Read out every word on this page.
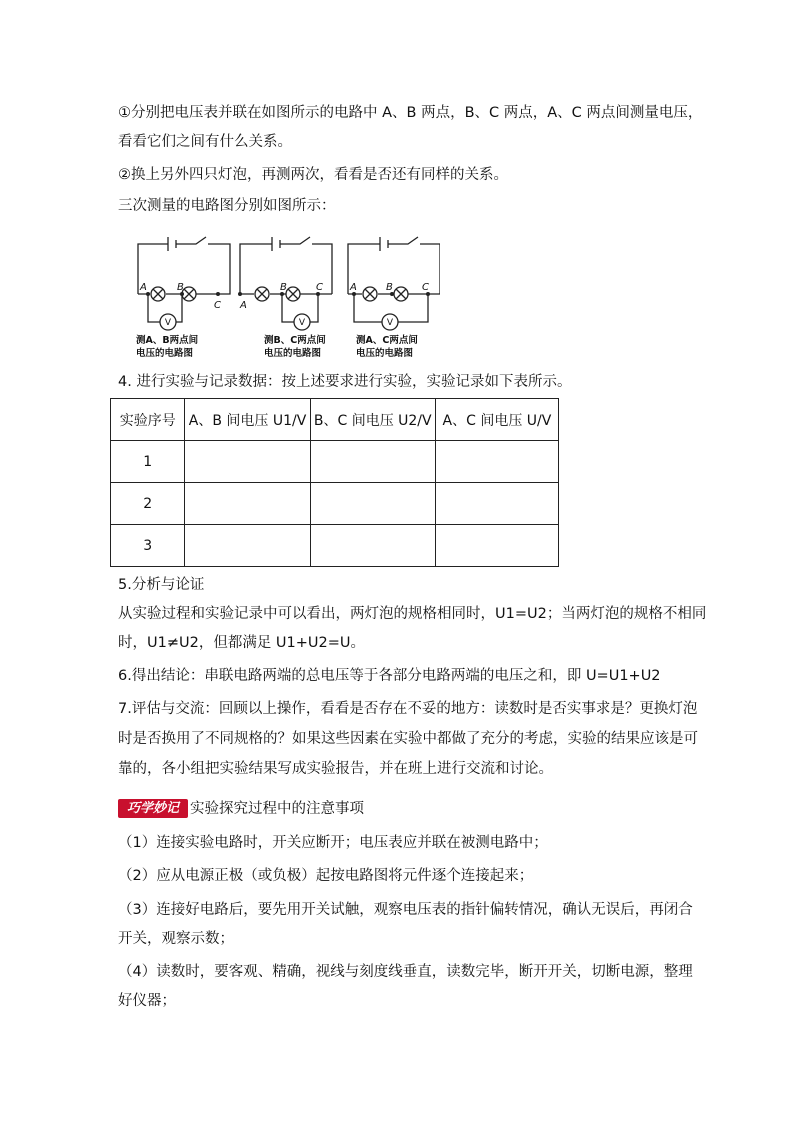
①分别把电压表并联在如图所示的电路中 A、B 两点，B、C 两点，A、C 两点间测量电压，
看看它们之间有什么关系。
②换上另外四只灯泡，再测两次，看看是否还有同样的关系。
三次测量的电路图分别如图所示：
A	B
C A
B	C	A	B	C
V	V	V
测A、B两点间
电压的电路图
测B、C两点间
电压的电路图
测A、C两点间
电压的电路图
4. 进行实验与记录数据：按上述要求进行实验，实验记录如下表所示。
实验序号	A、B 间电压 U1/V	B、C 间电压 U2/V	A、C 间电压 U/V
1			
2			
3			
5.分析与论证
从实验过程和实验记录中可以看出，两灯泡的规格相同时，U1=U2；当两灯泡的规格不相同
时，U1≠U2，但都满足 U1+U2=U。
6.得出结论：串联电路两端的总电压等于各部分电路两端的电压之和，即 U=U1+U2
7.评估与交流：回顾以上操作，看看是否存在不妥的地方：读数时是否实事求是？更换灯泡
时是否换用了不同规格的？如果这些因素在实验中都做了充分的考虑，实验的结果应该是可
靠的，各小组把实验结果写成实验报告，并在班上进行交流和讨论。
巧学妙记 实验探究过程中的注意事项
（1）连接实验电路时，开关应断开；电压表应并联在被测电路中；
（2）应从电源正极（或负极）起按电路图将元件逐个连接起来；
（3）连接好电路后，要先用开关试触，观察电压表的指针偏转情况，确认无误后，再闭合
开关，观察示数；
（4）读数时，要客观、精确，视线与刻度线垂直，读数完毕，断开开关，切断电源，整理
好仪器；
